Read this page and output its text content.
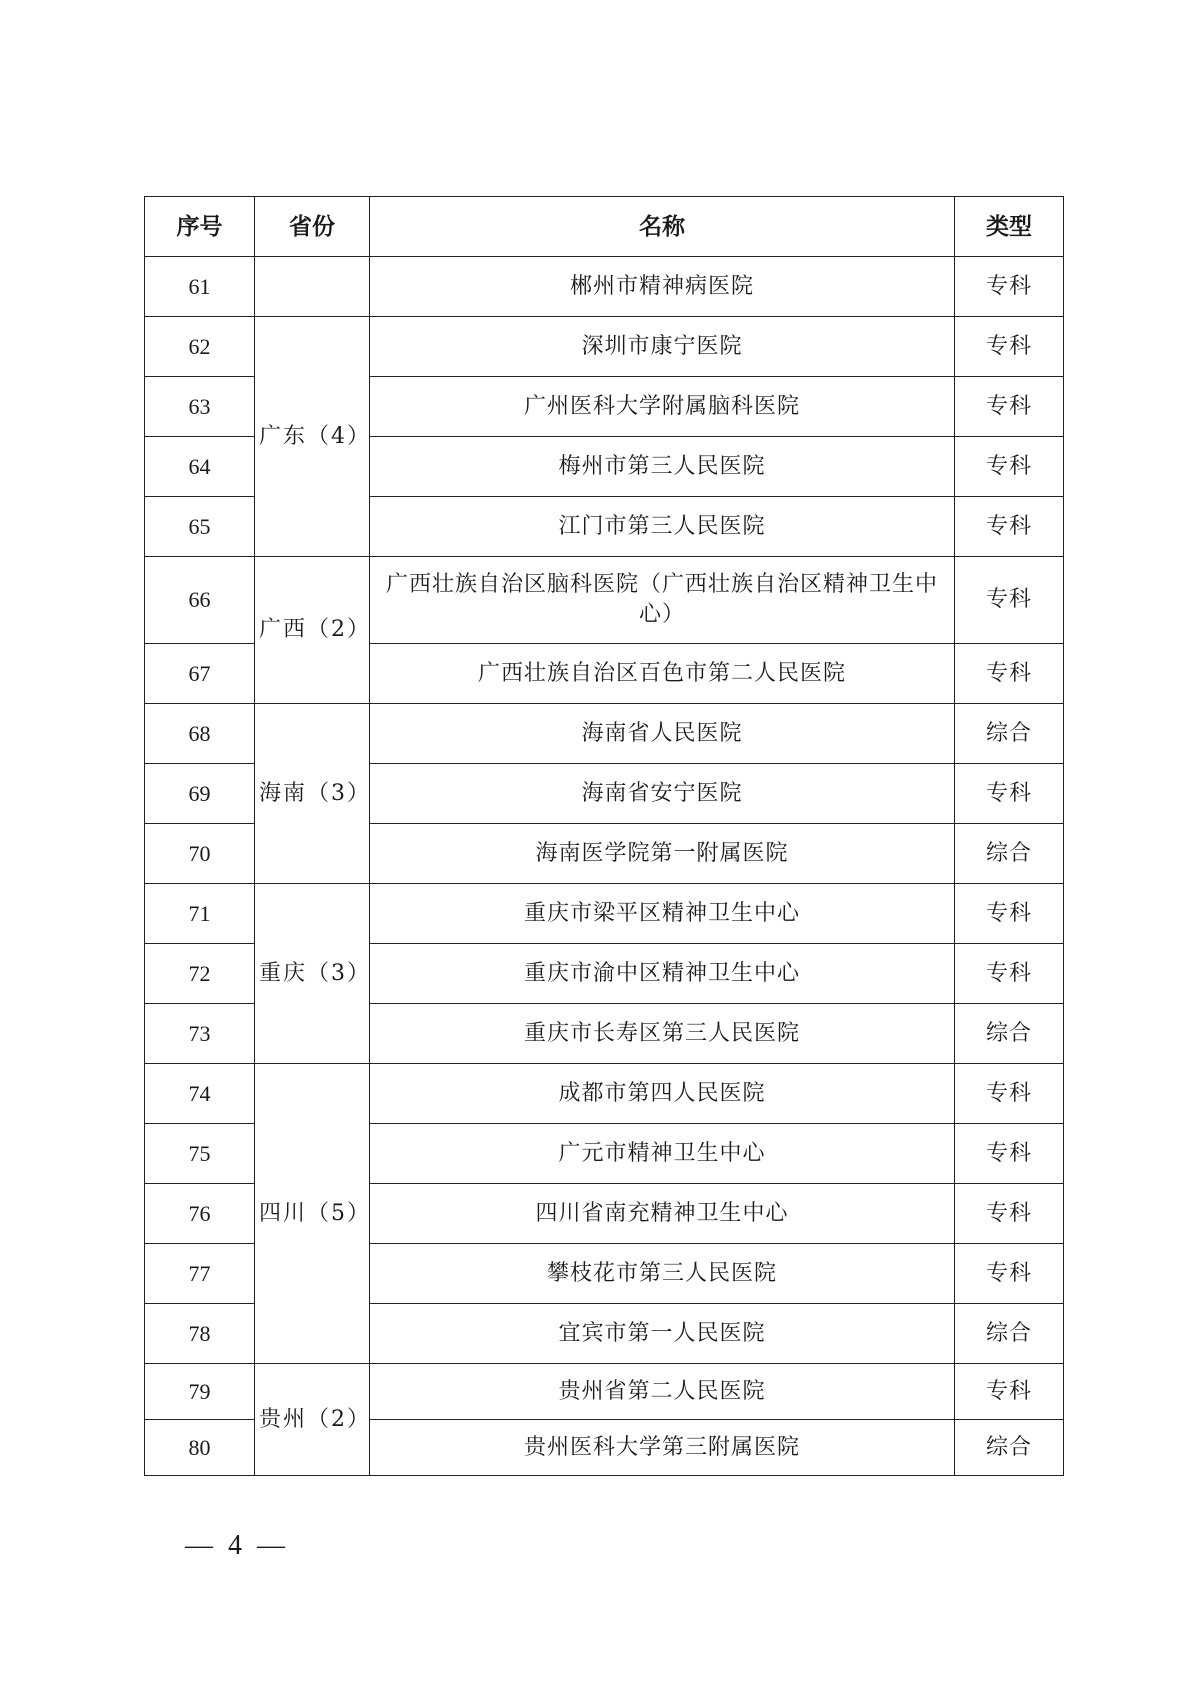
序号	省份	名称	类型
61		郴州市精神病医院	专科
62	广东（4）	深圳市康宁医院	专科
63		广州医科大学附属脑科医院	专科
64		梅州市第三人民医院	专科
65		江门市第三人民医院	专科
66	广西（2）	广西壮族自治区脑科医院（广西壮族自治区精神卫生中心）	专科
67		广西壮族自治区百色市第二人民医院	专科
68	海南（3）	海南省人民医院	综合
69		海南省安宁医院	专科
70		海南医学院第一附属医院	综合
71	重庆（3）	重庆市梁平区精神卫生中心	专科
72		重庆市渝中区精神卫生中心	专科
73		重庆市长寿区第三人民医院	综合
74	四川（5）	成都市第四人民医院	专科
75		广元市精神卫生中心	专科
76		四川省南充精神卫生中心	专科
77		攀枝花市第三人民医院	专科
78		宜宾市第一人民医院	综合
79	贵州（2）	贵州省第二人民医院	专科
80		贵州医科大学第三附属医院	综合
— 4 —
